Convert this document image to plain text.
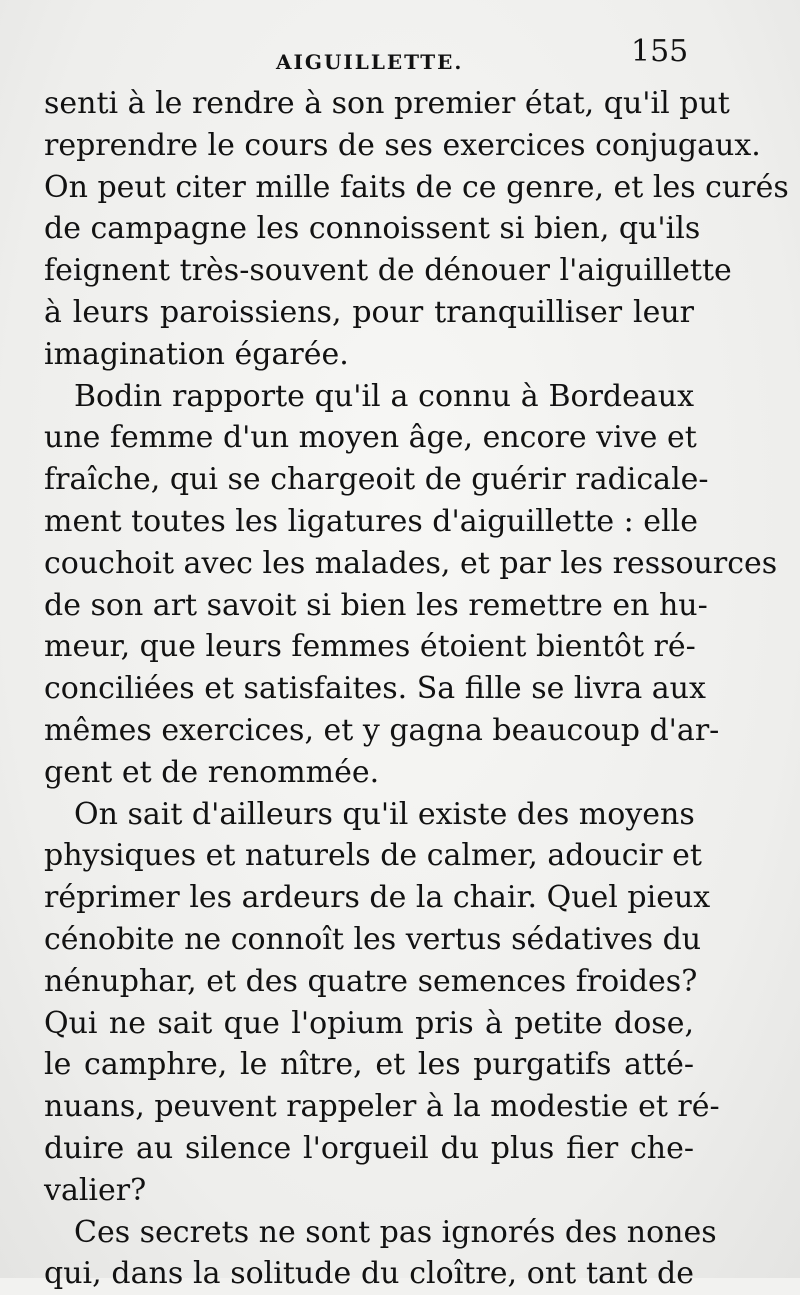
AIGUILLETTE.	155
senti à le rendre à son premier état, qu'il put
reprendre le cours de ses exercices conjugaux.
On peut citer mille faits de ce genre, et les curés
de campagne les connoissent si bien, qu'ils
feignent très-souvent de dénouer l'aiguillette
à leurs paroissiens, pour tranquilliser leur
imagination égarée.
Bodin rapporte qu'il a connu à Bordeaux
une femme d'un moyen âge, encore vive et
fraîche, qui se chargeoit de guérir radicale-
ment toutes les ligatures d'aiguillette : elle
couchoit avec les malades, et par les ressources
de son art savoit si bien les remettre en hu-
meur, que leurs femmes étoient bientôt ré-
conciliées et satisfaites. Sa fille se livra aux
mêmes exercices, et y gagna beaucoup d'ar-
gent et de renommée.
On sait d'ailleurs qu'il existe des moyens
physiques et naturels de calmer, adoucir et
réprimer les ardeurs de la chair. Quel pieux
cénobite ne connoît les vertus sédatives du
nénuphar, et des quatre semences froides?
Qui ne sait que l'opium pris à petite dose,
le camphre, le nître, et les purgatifs atté-
nuans, peuvent rappeler à la modestie et ré-
duire au silence l'orgueil du plus fier che-
valier?
Ces secrets ne sont pas ignorés des nones
qui, dans la solitude du cloître, ont tant de
